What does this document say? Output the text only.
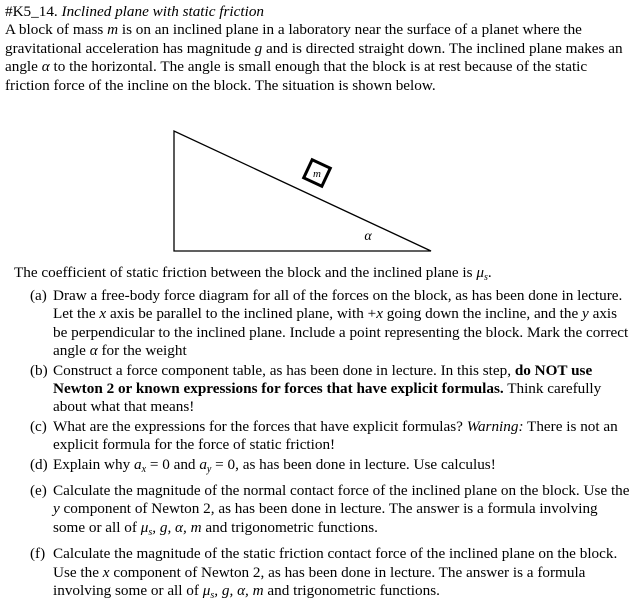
#K5_14. Inclined plane with static friction
A block of mass m is on an inclined plane in a laboratory near the surface of a planet where the gravitational acceleration has magnitude g and is directed straight down. The inclined plane makes an angle α to the horizontal. The angle is small enough that the block is at rest because of the static friction force of the incline on the block. The situation is shown below.

m
α

The coefficient of static friction between the block and the inclined plane is $\mu_s$.

(a) Draw a free-body force diagram for all of the forces on the block, as has been done in lecture. Let the x axis be parallel to the inclined plane, with +x going down the incline, and the y axis be perpendicular to the inclined plane. Include a point representing the block. Mark the correct angle α for the weight
(b) Construct a force component table, as has been done in lecture. In this step, do NOT use Newton 2 or known expressions for forces that have explicit formulas. Think carefully about what that means!
(c) What are the expressions for the forces that have explicit formulas? Warning: There is not an explicit formula for the force of static friction!
(d) Explain why $a_x = 0$ and $a_y = 0$, as has been done in lecture. Use calculus!
(e) Calculate the magnitude of the normal contact force of the inclined plane on the block. Use the y component of Newton 2, as has been done in lecture. The answer is a formula involving some or all of $\mu_s$, g, α, m and trigonometric functions.
(f) Calculate the magnitude of the static friction contact force of the inclined plane on the block. Use the x component of Newton 2, as has been done in lecture. The answer is a formula involving some or all of $\mu_s$, g, α, m and trigonometric functions.
